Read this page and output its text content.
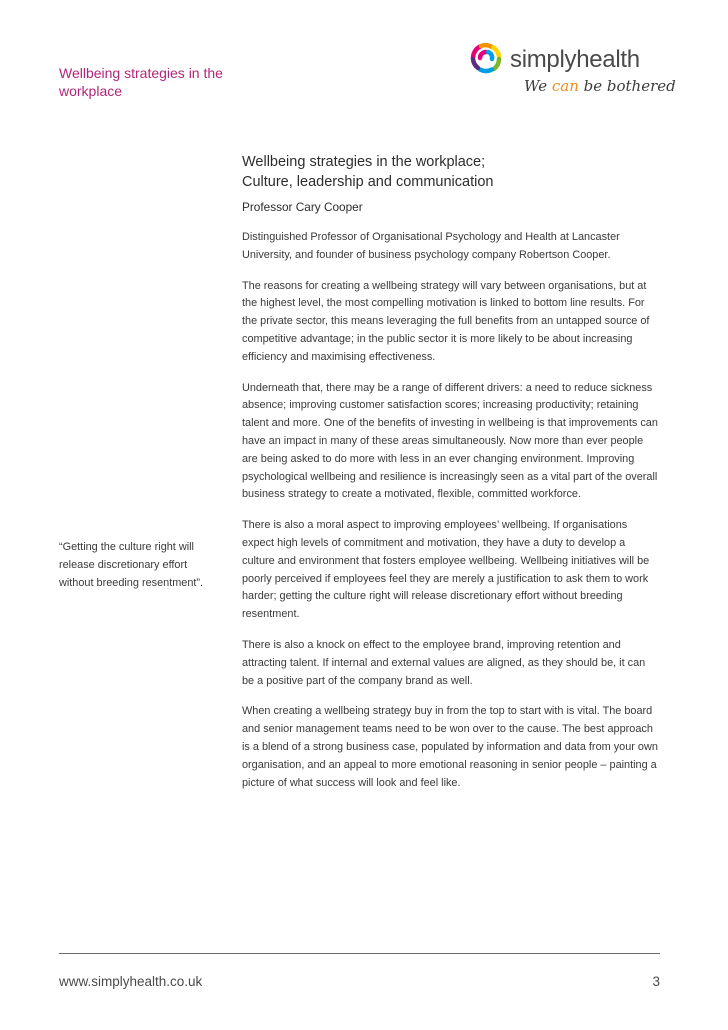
Wellbeing strategies in the workplace
simplyhealth
We can be bothered
Wellbeing strategies in the workplace;
Culture, leadership and communication
Professor Cary Cooper

Distinguished Professor of Organisational Psychology and Health at Lancaster University, and founder of business psychology company Robertson Cooper.

The reasons for creating a wellbeing strategy will vary between organisations, but at the highest level, the most compelling motivation is linked to bottom line results. For the private sector, this means leveraging the full benefits from an untapped source of competitive advantage; in the public sector it is more likely to be about increasing efficiency and maximising effectiveness.

Underneath that, there may be a range of different drivers: a need to reduce sickness absence; improving customer satisfaction scores; increasing productivity; retaining talent and more. One of the benefits of investing in wellbeing is that improvements can have an impact in many of these areas simultaneously. Now more than ever people are being asked to do more with less in an ever changing environment. Improving psychological wellbeing and resilience is increasingly seen as a vital part of the overall business strategy to create a motivated, flexible, committed workforce.

There is also a moral aspect to improving employees’ wellbeing. If organisations expect high levels of commitment and motivation, they have a duty to develop a culture and environment that fosters employee wellbeing. Wellbeing initiatives will be poorly perceived if employees feel they are merely a justification to ask them to work harder; getting the culture right will release discretionary effort without breeding resentment.

There is also a knock on effect to the employee brand, improving retention and attracting talent. If internal and external values are aligned, as they should be, it can be a positive part of the company brand as well.

When creating a wellbeing strategy buy in from the top to start with is vital. The board and senior management teams need to be won over to the cause. The best approach is a blend of a strong business case, populated by information and data from your own organisation, and an appeal to more emotional reasoning in senior people – painting a picture of what success will look and feel like.

“Getting the culture right will release discretionary effort without breeding resentment”.
www.simplyhealth.co.uk	3
